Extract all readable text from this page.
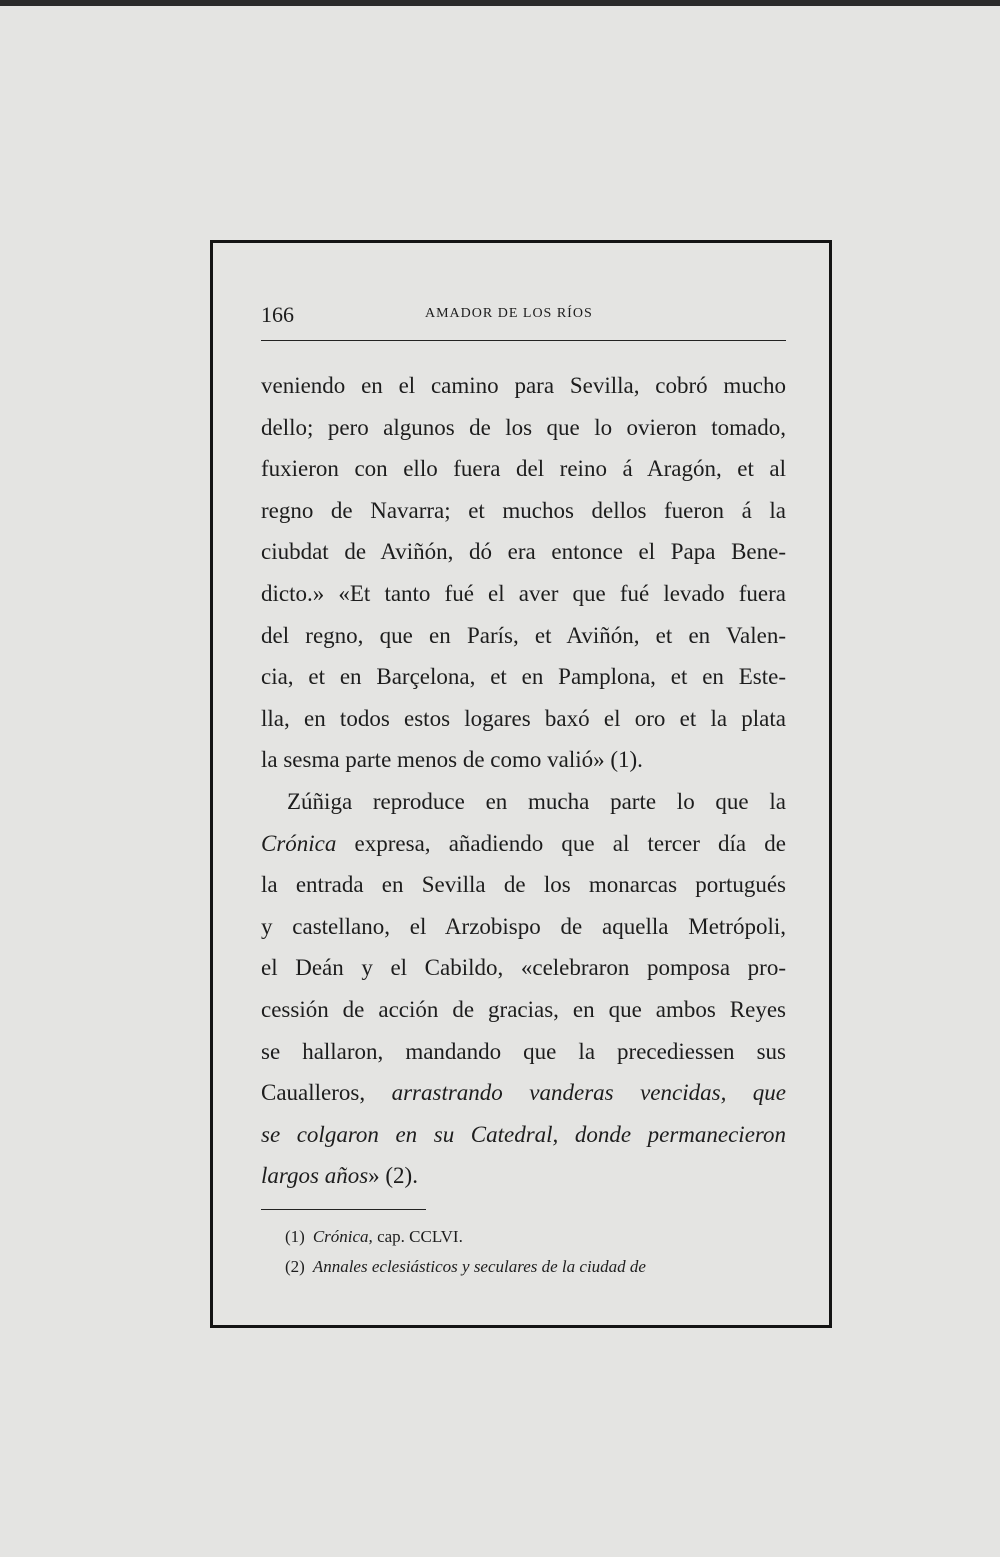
166	AMADOR DE LOS RÍOS
veniendo en el camino para Sevilla, cobró mucho
dello; pero algunos de los que lo ovieron tomado,
fuxieron con ello fuera del reino á Aragón, et al
regno de Navarra; et muchos dellos fueron á la
ciubdat de Aviñón, dó era entonce el Papa Bene-
dicto.» «Et tanto fué el aver que fué levado fuera
del regno, que en París, et Aviñón, et en Valen-
cia, et en Barçelona, et en Pamplona, et en Este-
lla, en todos estos logares baxó el oro et la plata
la sesma parte menos de como valió» (1).
Zúñiga reproduce en mucha parte lo que la
Crónica expresa, añadiendo que al tercer día de
la entrada en Sevilla de los monarcas portugués
y castellano, el Arzobispo de aquella Metrópoli,
el Deán y el Cabildo, «celebraron pomposa pro-
cessión de acción de gracias, en que ambos Reyes
se hallaron, mandando que la precediessen sus
Caualleros, arrastrando vanderas vencidas, que
se colgaron en su Catedral, donde permanecieron
largos años» (2).
(1) Crónica, cap. CCLVI.
(2) Annales eclesiásticos y seculares de la ciudad de
